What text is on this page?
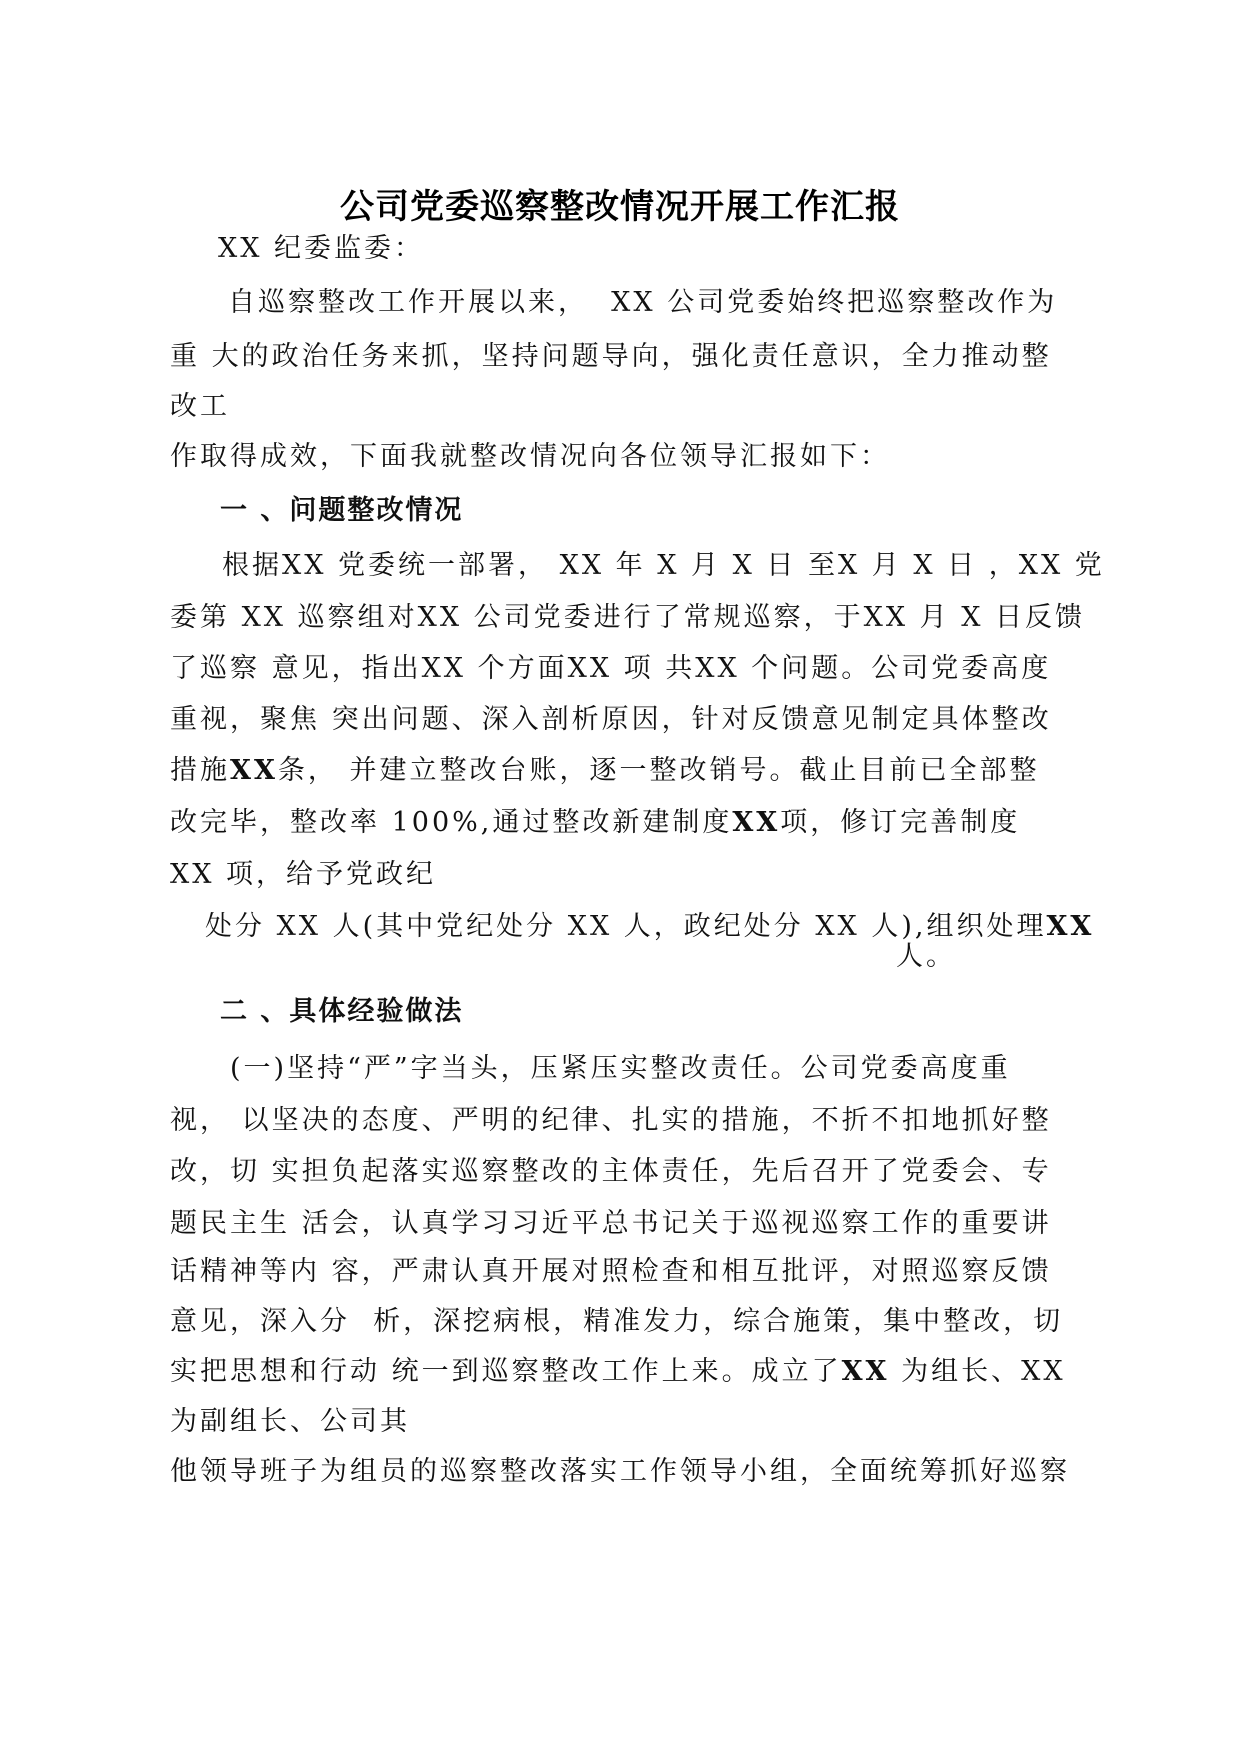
公司党委巡察整改情况开展工作汇报
XX 纪委监委：
自巡察整改工作开展以来，  XX 公司党委始终把巡察整改作为
重 大的政治任务来抓，坚持问题导向，强化责任意识，全力推动整
改工
作取得成效，下面我就整改情况向各位领导汇报如下：
一 、问题整改情况
根据XX 党委统一部署， XX 年 X 月 X 日 至X 月 X 日 ，XX 党
委第 XX 巡察组对XX 公司党委进行了常规巡察，于XX 月 X 日反馈
了巡察 意见，指出XX 个方面XX 项 共XX 个问题。公司党委高度
重视，聚焦 突出问题、深入剖析原因，针对反馈意见制定具体整改
措施XX条， 并建立整改台账，逐一整改销号。截止目前已全部整
改完毕，整改率 100%,通过整改新建制度XX项，修订完善制度
XX 项，给予党政纪
处分 XX 人(其中党纪处分 XX 人，政纪处分 XX 人),组织处理XX
人。
二 、具体经验做法
(一)坚持“严”字当头，压紧压实整改责任。公司党委高度重
视， 以坚决的态度、严明的纪律、扎实的措施，不折不扣地抓好整
改，切 实担负起落实巡察整改的主体责任，先后召开了党委会、专
题民主生 活会，认真学习习近平总书记关于巡视巡察工作的重要讲
话精神等内 容，严肃认真开展对照检查和相互批评，对照巡察反馈
意见，深入分  析，深挖病根，精准发力，综合施策，集中整改，切
实把思想和行动 统一到巡察整改工作上来。成立了XX 为组长、XX
为副组长、公司其
他领导班子为组员的巡察整改落实工作领导小组，全面统筹抓好巡察
